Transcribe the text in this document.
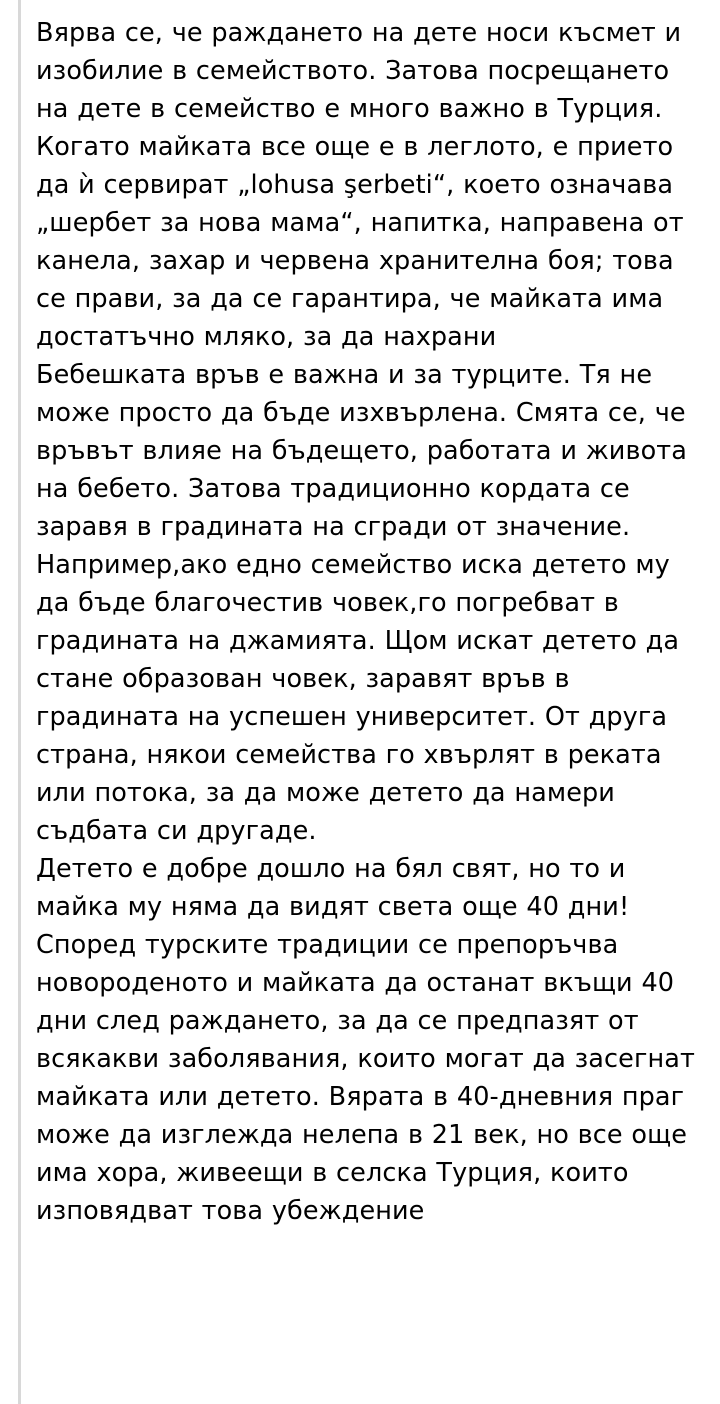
Вярва се, че раждането на дете носи късмет и изобилие в семейството. Затова посрещането на дете в семейство е много важно в Турция. Когато майката все още е в леглото, е прието да ѝ сервират „lohusa şerbeti“, което означава „шербет за нова мама“, напитка, направена от канела, захар и червена хранителна боя; това се прави, за да се гарантира, че майката има достатъчно мляко, за да нахрани

Бебешката връв е важна и за турците. Тя не може просто да бъде изхвърлена. Смята се, че връвът влияе на бъдещето, работата и живота на бебето. Затова традиционно кордата се заравя в градината на сгради от значение. Например,ако едно семейство иска детето му да бъде благочестив човек,го погребват в градината на джамията. Щом искат детето да стане образован човек, заравят връв в градината на успешен университет. От друга страна, някои семейства го хвърлят в реката или потока, за да може детето да намери съдбата си другаде.

Детето е добре дошло на бял свят, но то и майка му няма да видят света още 40 дни! Според турските традиции се препоръчва новороденото и майката да останат вкъщи 40 дни след раждането, за да се предпазят от всякакви заболявания, които могат да засегнат майката или детето. Вярата в 40-дневния праг може да изглежда нелепа в 21 век, но все още има хора, живеещи в селска Турция, които изповядват това убеждение
